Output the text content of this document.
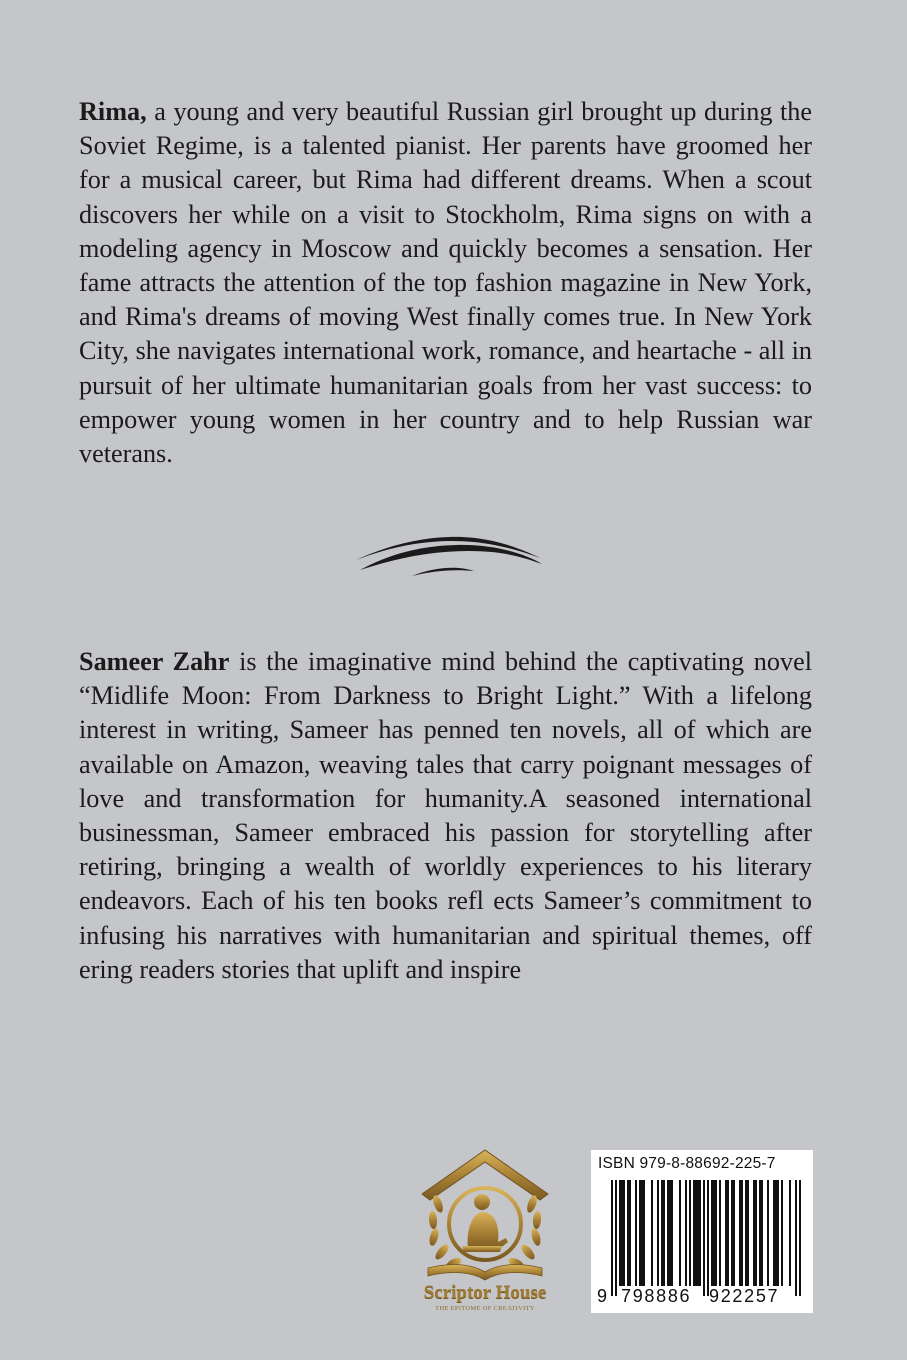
Rima, a young and very beautiful Russian girl brought up during the Soviet Regime, is a talented pianist. Her parents have groomed her for a musical career, but Rima had different dreams. When a scout discovers her while on a visit to Stockholm, Rima signs on with a modeling agency in Moscow and quickly becomes a sensation. Her fame attracts the attention of the top fashion magazine in New York, and Rima's dreams of moving West finally comes true. In New York City, she navigates international work, romance, and heartache - all in pursuit of her ultimate humanitarian goals from her vast success: to empower young women in her country and to help Russian war veterans.

Sameer Zahr is the imaginative mind behind the captivating novel “Midlife Moon: From Darkness to Bright Light.” With a lifelong interest in writing, Sameer has penned ten novels, all of which are available on Amazon, weaving tales that carry poignant messages of love and transformation for humanity.A seasoned international businessman, Sameer embraced his passion for storytelling after retiring, bringing a wealth of worldly experiences to his literary endeavors. Each of his ten books refl ects Sameer’s commitment to infusing his narratives with humanitarian and spiritual themes, off ering readers stories that uplift and inspire

Scriptor House
THE EPITOME OF CREATIVITY
ISBN 979-8-88692-225-7
9 798886 922257
